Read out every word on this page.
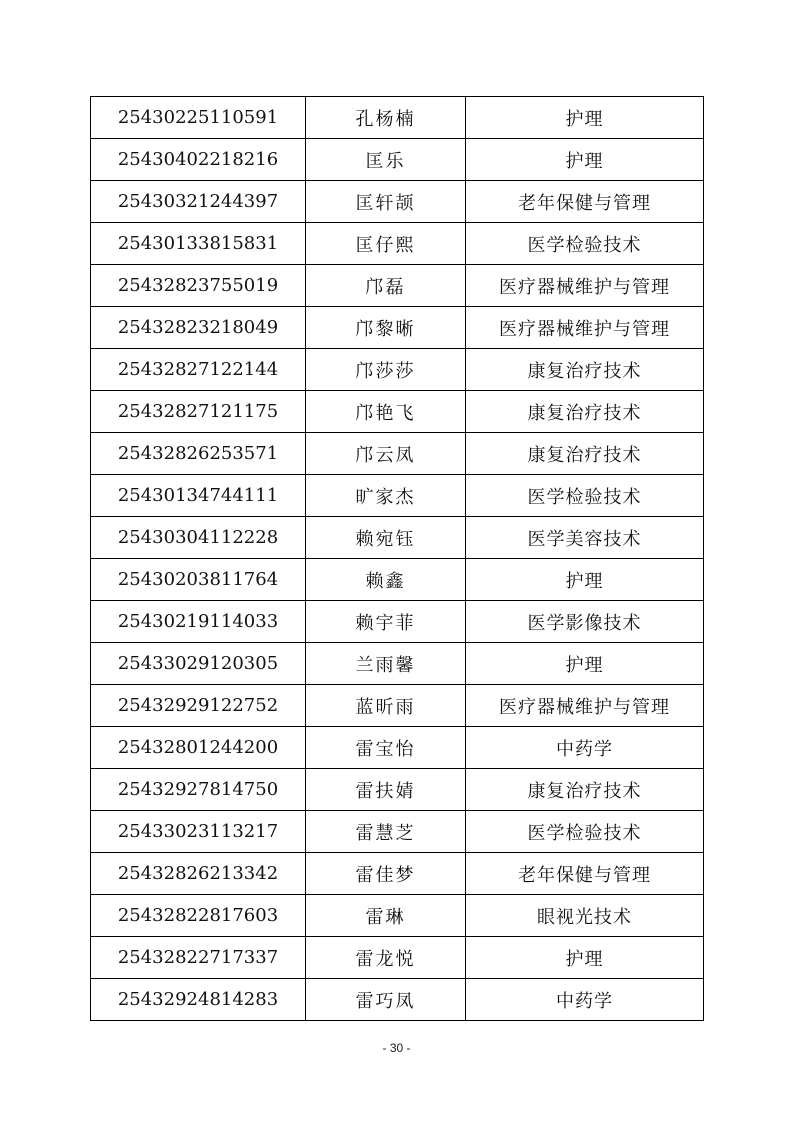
25430225110591	孔杨楠	护理
25430402218216	匡乐	护理
25430321244397	匡轩颉	老年保健与管理
25430133815831	匡仔熙	医学检验技术
25432823755019	邝磊	医疗器械维护与管理
25432823218049	邝黎晰	医疗器械维护与管理
25432827122144	邝莎莎	康复治疗技术
25432827121175	邝艳飞	康复治疗技术
25432826253571	邝云凤	康复治疗技术
25430134744111	旷家杰	医学检验技术
25430304112228	赖宛钰	医学美容技术
25430203811764	赖鑫	护理
25430219114033	赖宇菲	医学影像技术
25433029120305	兰雨馨	护理
25432929122752	蓝昕雨	医疗器械维护与管理
25432801244200	雷宝怡	中药学
25432927814750	雷扶婧	康复治疗技术
25433023113217	雷慧芝	医学检验技术
25432826213342	雷佳梦	老年保健与管理
25432822817603	雷琳	眼视光技术
25432822717337	雷龙悦	护理
25432924814283	雷巧凤	中药学
- 30 -
